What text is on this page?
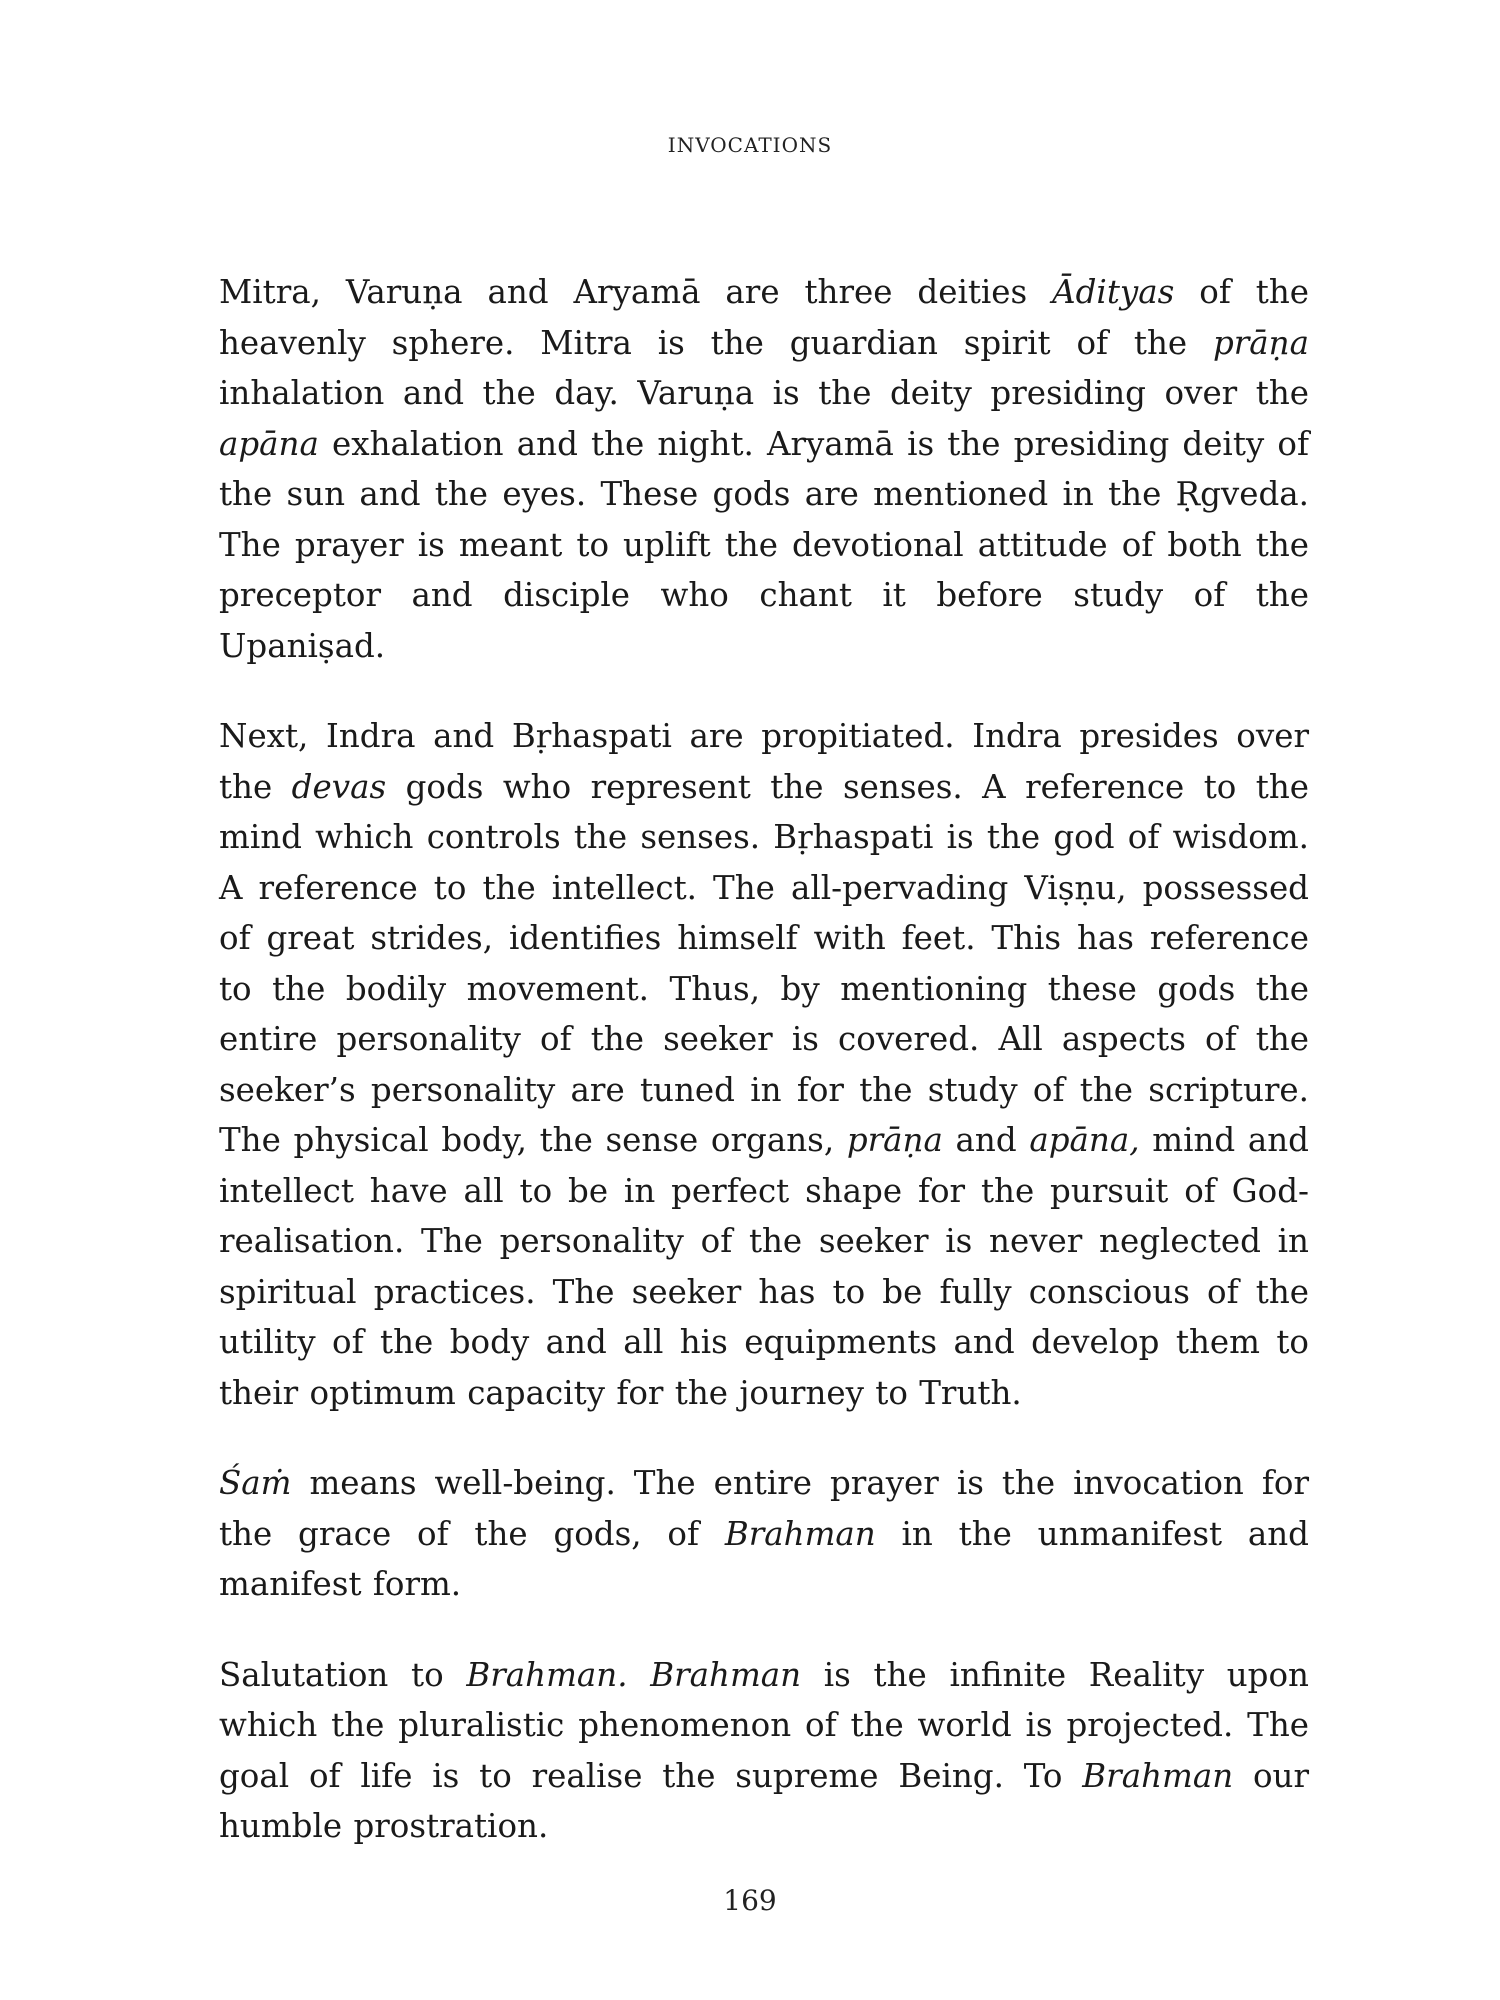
INVOCATIONS

Mitra, Varuṇa and Aryamā are three deities Ādityas of the heavenly sphere. Mitra is the guardian spirit of the prāṇa inhalation and the day. Varuṇa is the deity presiding over the apāna exhalation and the night. Aryamā is the presiding deity of the sun and the eyes. These gods are mentioned in the Ṛgveda. The prayer is meant to uplift the devotional attitude of both the preceptor and disciple who chant it before study of the Upaniṣad.

Next, Indra and Bṛhaspati are propitiated. Indra presides over the devas gods who represent the senses. A reference to the mind which controls the senses. Bṛhaspati is the god of wisdom. A reference to the intellect. The all-pervading Viṣṇu, possessed of great strides, identifies himself with feet. This has reference to the bodily movement. Thus, by mentioning these gods the entire personality of the seeker is covered. All aspects of the seeker’s personality are tuned in for the study of the scripture. The physical body, the sense organs, prāṇa and apāna, mind and intellect have all to be in perfect shape for the pursuit of God- realisation. The personality of the seeker is never neglected in spiritual practices. The seeker has to be fully conscious of the utility of the body and all his equipments and develop them to their optimum capacity for the journey to Truth.

Śaṁ means well-being. The entire prayer is the invocation for the grace of the gods, of Brahman in the unmanifest and manifest form.

Salutation to Brahman. Brahman is the infinite Reality upon which the pluralistic phenomenon of the world is projected. The goal of life is to realise the supreme Being. To Brahman our humble prostration.

169
